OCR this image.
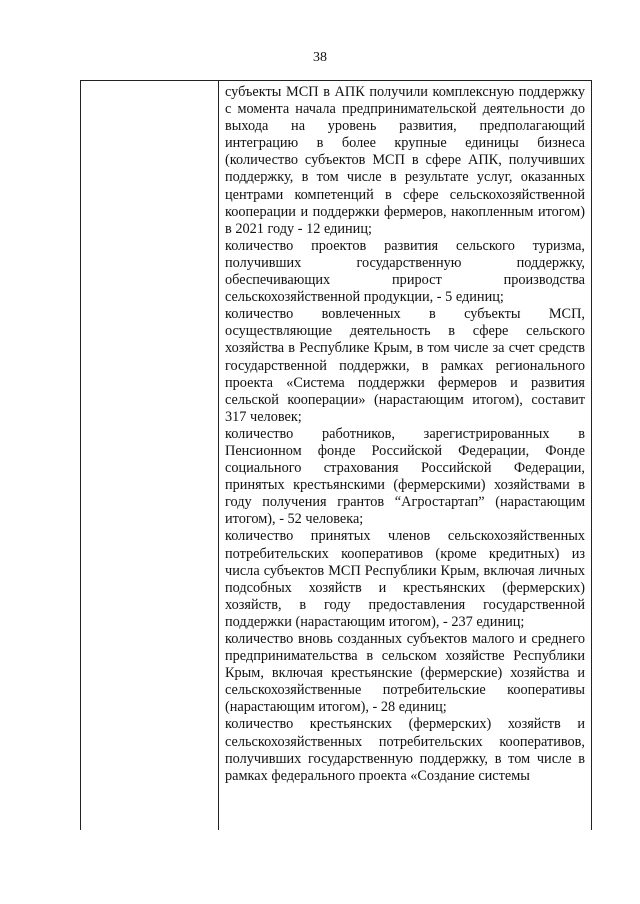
38

субъекты МСП в АПК получили комплексную поддержку с момента начала предпринимательской деятельности до выхода на уровень развития, предполагающий интеграцию в более крупные единицы бизнеса (количество субъектов МСП в сфере АПК, получивших поддержку, в том числе в результате услуг, оказанных центрами компетенций в сфере сельскохозяйственной кооперации и поддержки фермеров, накопленным итогом) в 2021 году - 12 единиц;

количество проектов развития сельского туризма, получивших государственную поддержку, обеспечивающих прирост производства сельскохозяйственной продукции, - 5 единиц;

количество вовлеченных в субъекты МСП, осуществляющие деятельность в сфере сельского хозяйства в Республике Крым, в том числе за счет средств государственной поддержки, в рамках регионального проекта «Система поддержки фермеров и развития сельской кооперации» (нарастающим итогом), составит 317 человек;

количество работников, зарегистрированных в Пенсионном фонде Российской Федерации, Фонде социального страхования Российской Федерации, принятых крестьянскими (фермерскими) хозяйствами в году получения грантов “Агростартап” (нарастающим итогом), - 52 человека;

количество принятых членов сельскохозяйственных потребительских кооперативов (кроме кредитных) из числа субъектов МСП Республики Крым, включая личных подсобных хозяйств и крестьянских (фермерских) хозяйств, в году предоставления государственной поддержки (нарастающим итогом), - 237 единиц;

количество вновь созданных субъектов малого и среднего предпринимательства в сельском хозяйстве Республики Крым, включая крестьянские (фермерские) хозяйства и сельскохозяйственные потребительские кооперативы (нарастающим итогом), - 28 единиц;

количество крестьянских (фермерских) хозяйств и сельскохозяйственных потребительских кооперативов, получивших государственную поддержку, в том числе в рамках федерального проекта «Создание системы
